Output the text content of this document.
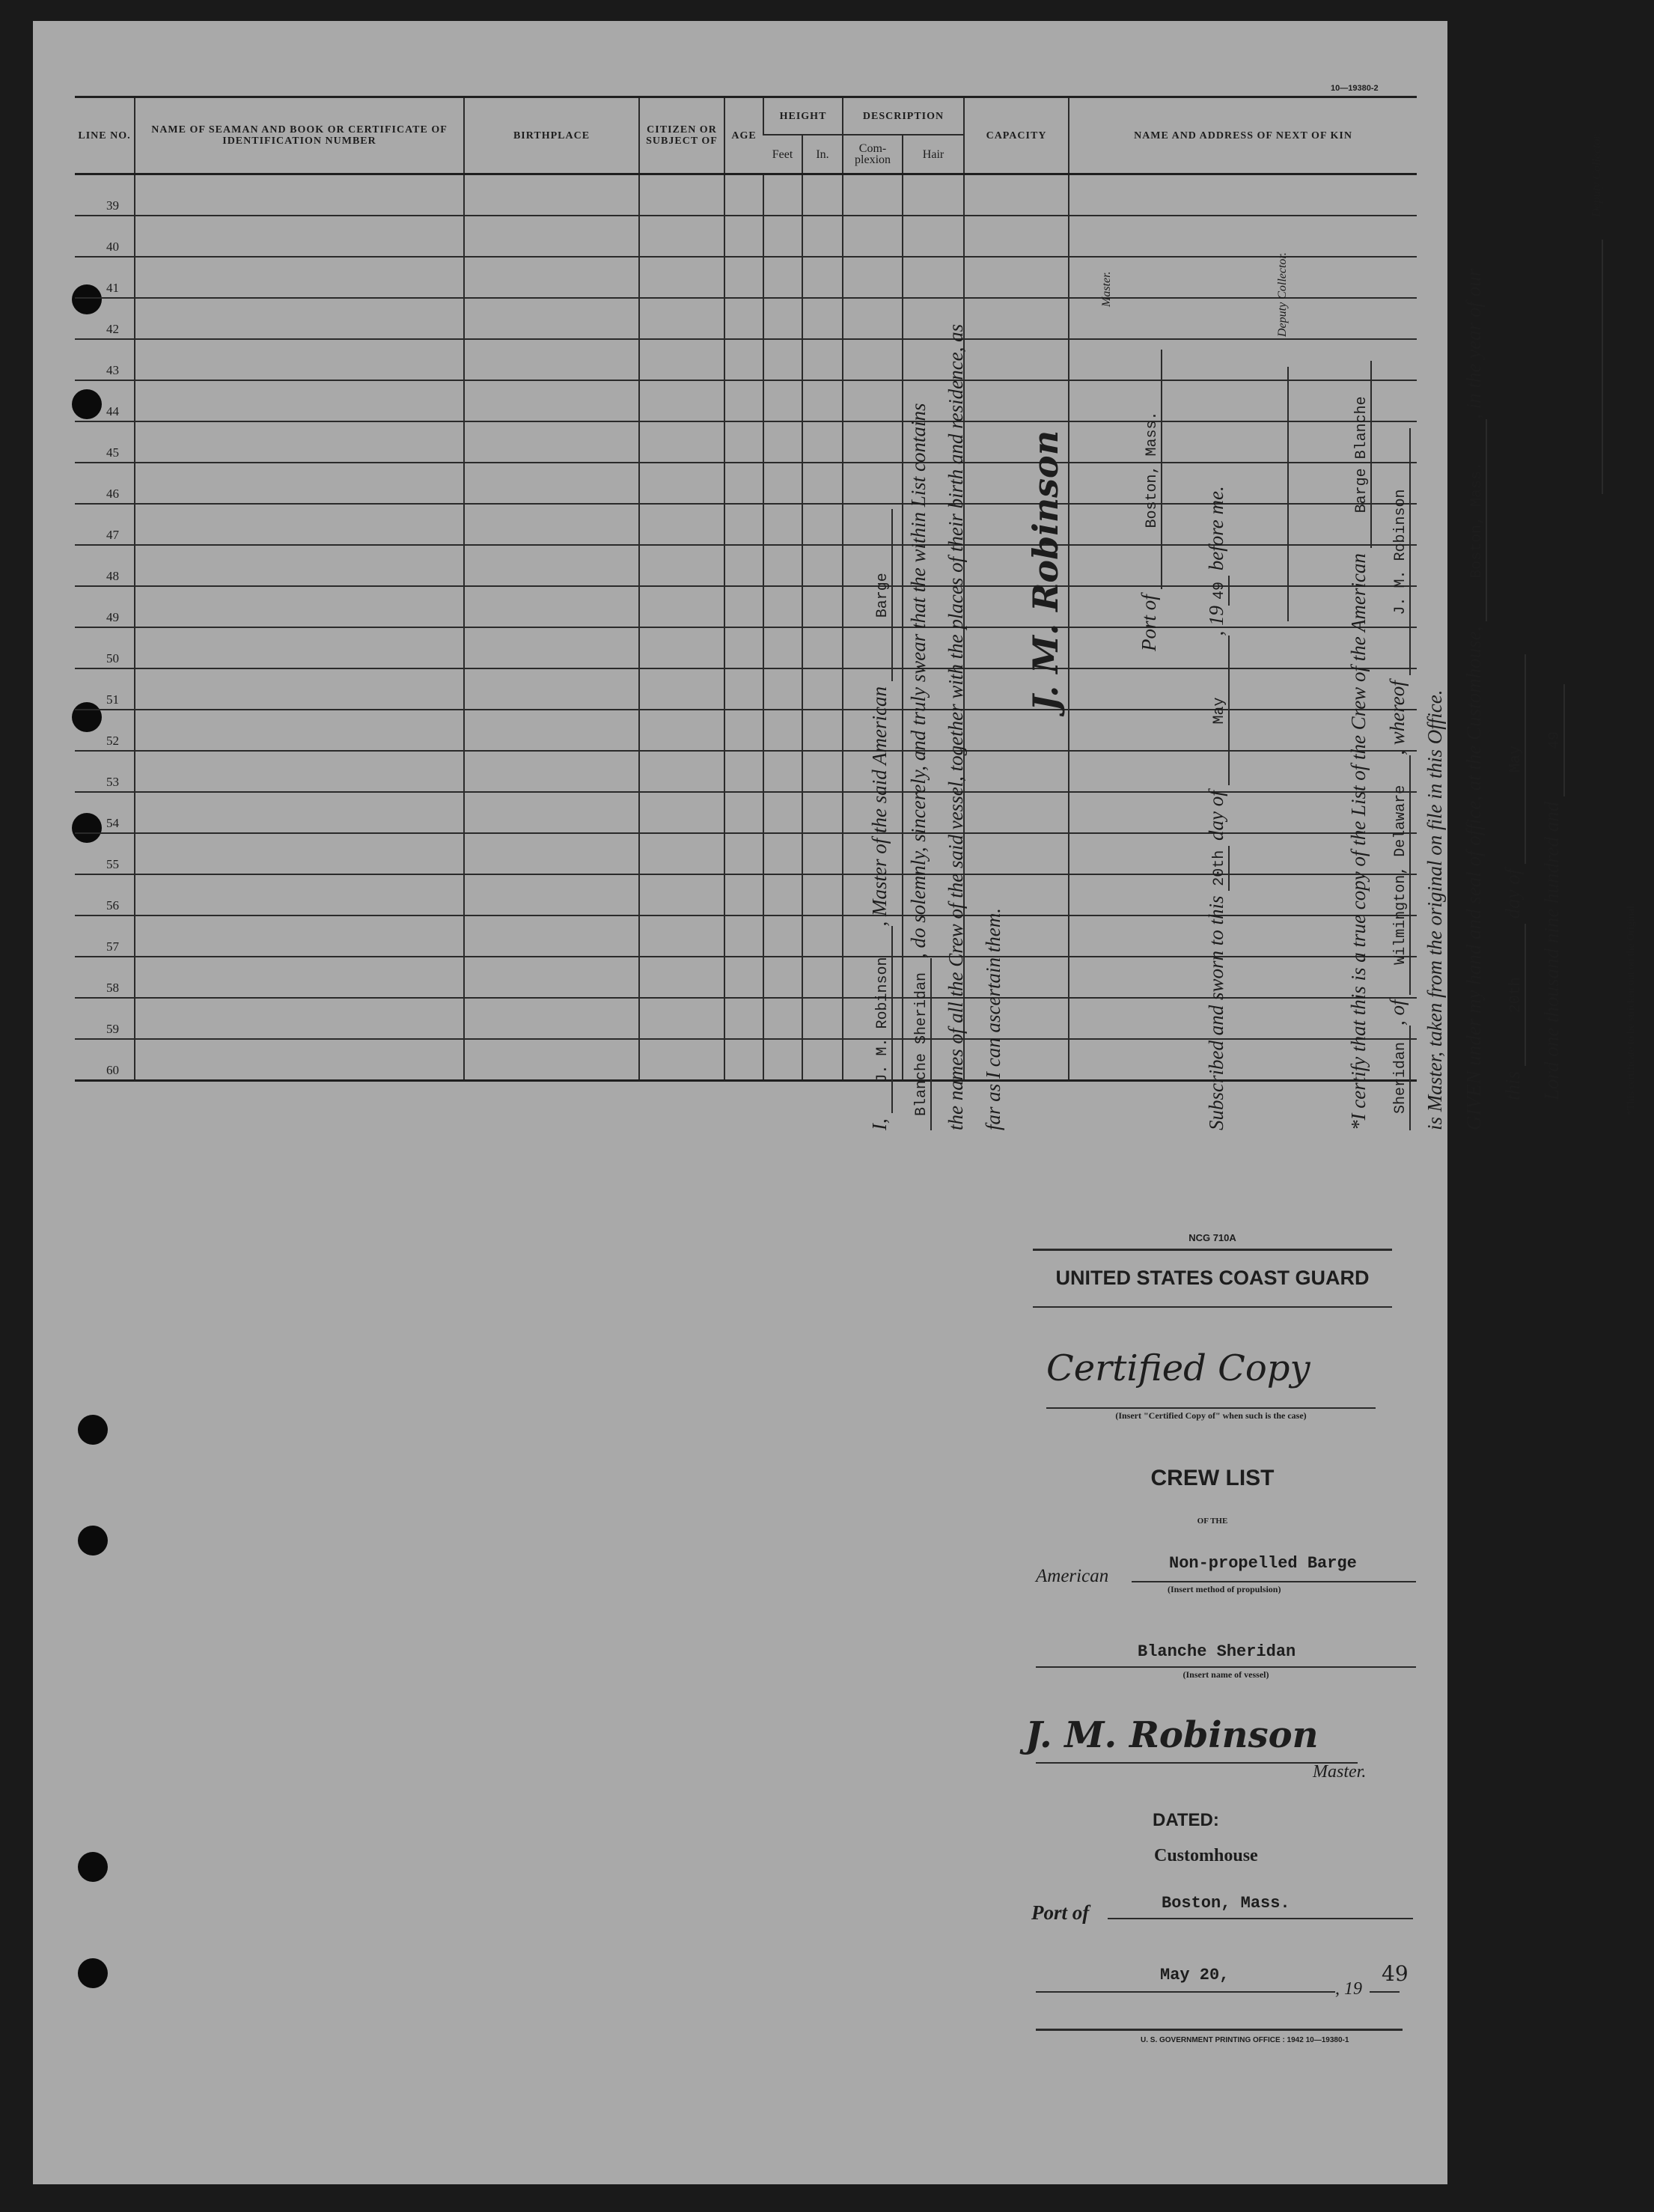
10—19380-2
LINE NO.	NAME OF SEAMAN AND BOOK OR CERTIFICATE OF IDENTIFICATION NUMBER	BIRTHPLACE	CITIZEN OR SUBJECT OF	AGE	HEIGHT		DESCRIPTION		CAPACITY	NAME AND ADDRESS OF NEXT OF KIN
					Feet	In.	Com- plexion	Hair		

39										
40										
41										
42										
43										
44										
45										
46										
47										
48										
49										
50										
51										
52										
53										
54										
55										
56										
57										
58										
59										
60										
I, J. M. Robinson, Master of the said American Barge
Blanche Sheridan, do solemnly, sincerely, and truly swear that the within List contains the names of all the Crew of the said vessel, together with the places of their birth and residence, as far as I can ascertain them.
J. M. Robinson
Master.
Port of Boston, Mass.
Subscribed and sworn to this 20th day of May, 1949 before me.
Deputy Collector.
*I certify that this is a true copy of the List of the Crew of the American Barge Blanche
Sheridan, of Wilmington, Delaware, whereof J. M. Robinson
is Master, taken from the original on file in this Office. GIVEN under my hand and seal of office, at the Customhouse, Boston, Mass., in the year of our
this 20th day of May
Lord one thousand nine hundred and 49
Deputy Collector.
*This certificate to be stricken out on the Original.
NCG 710A
UNITED STATES COAST GUARD
Certified Copy
(Insert "Certified Copy of" when such is the case)
CREW LIST
OF THE
American
Non-propelled Barge
(Insert method of propulsion)
Blanche Sheridan
(Insert name of vessel)
J. M. Robinson
Master.
DATED:
Customhouse
Port of	Boston, Mass.
May 20,
, 19
49
U. S. GOVERNMENT PRINTING OFFICE : 1942 10—19380-1
